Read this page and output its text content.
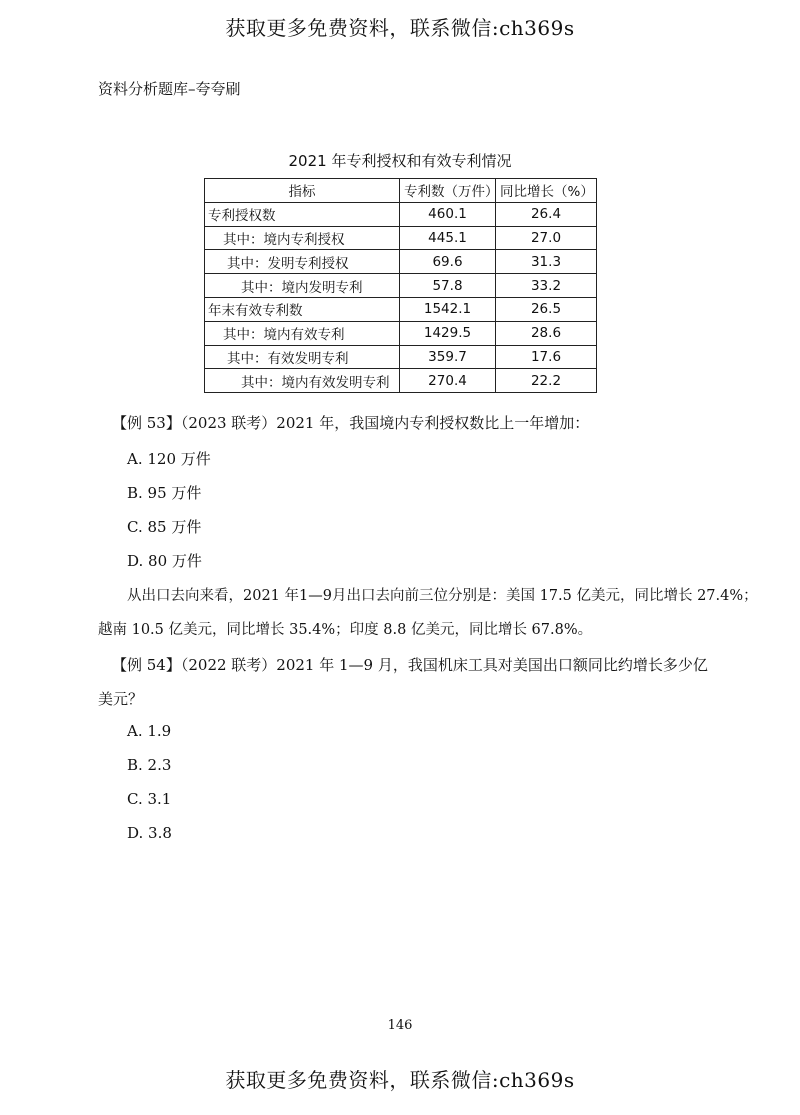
获取更多免费资料，联系微信:ch369s
资料分析题库–夸夸刷
2021 年专利授权和有效专利情况
指标	专利数（万件）	同比增长（%）
专利授权数	460.1	26.4
其中：境内专利授权	445.1	27.0
其中：发明专利授权	69.6	31.3
其中：境内发明专利	57.8	33.2
年末有效专利数	1542.1	26.5
其中：境内有效专利	1429.5	28.6
其中：有效发明专利	359.7	17.6
其中：境内有效发明专利	270.4	22.2
【例 53】（2023 联考）2021 年，我国境内专利授权数比上一年增加：
A. 120 万件
B. 95 万件
C. 85 万件
D. 80 万件
从出口去向来看，2021 年1—9月出口去向前三位分别是：美国 17.5 亿美元，同比增长 27.4%；
越南 10.5 亿美元，同比增长 35.4%；印度 8.8 亿美元，同比增长 67.8%。
【例 54】（2022 联考）2021 年 1—9 月，我国机床工具对美国出口额同比约增长多少亿
美元？
A. 1.9
B. 2.3
C. 3.1
D. 3.8
146
获取更多免费资料，联系微信:ch369s
